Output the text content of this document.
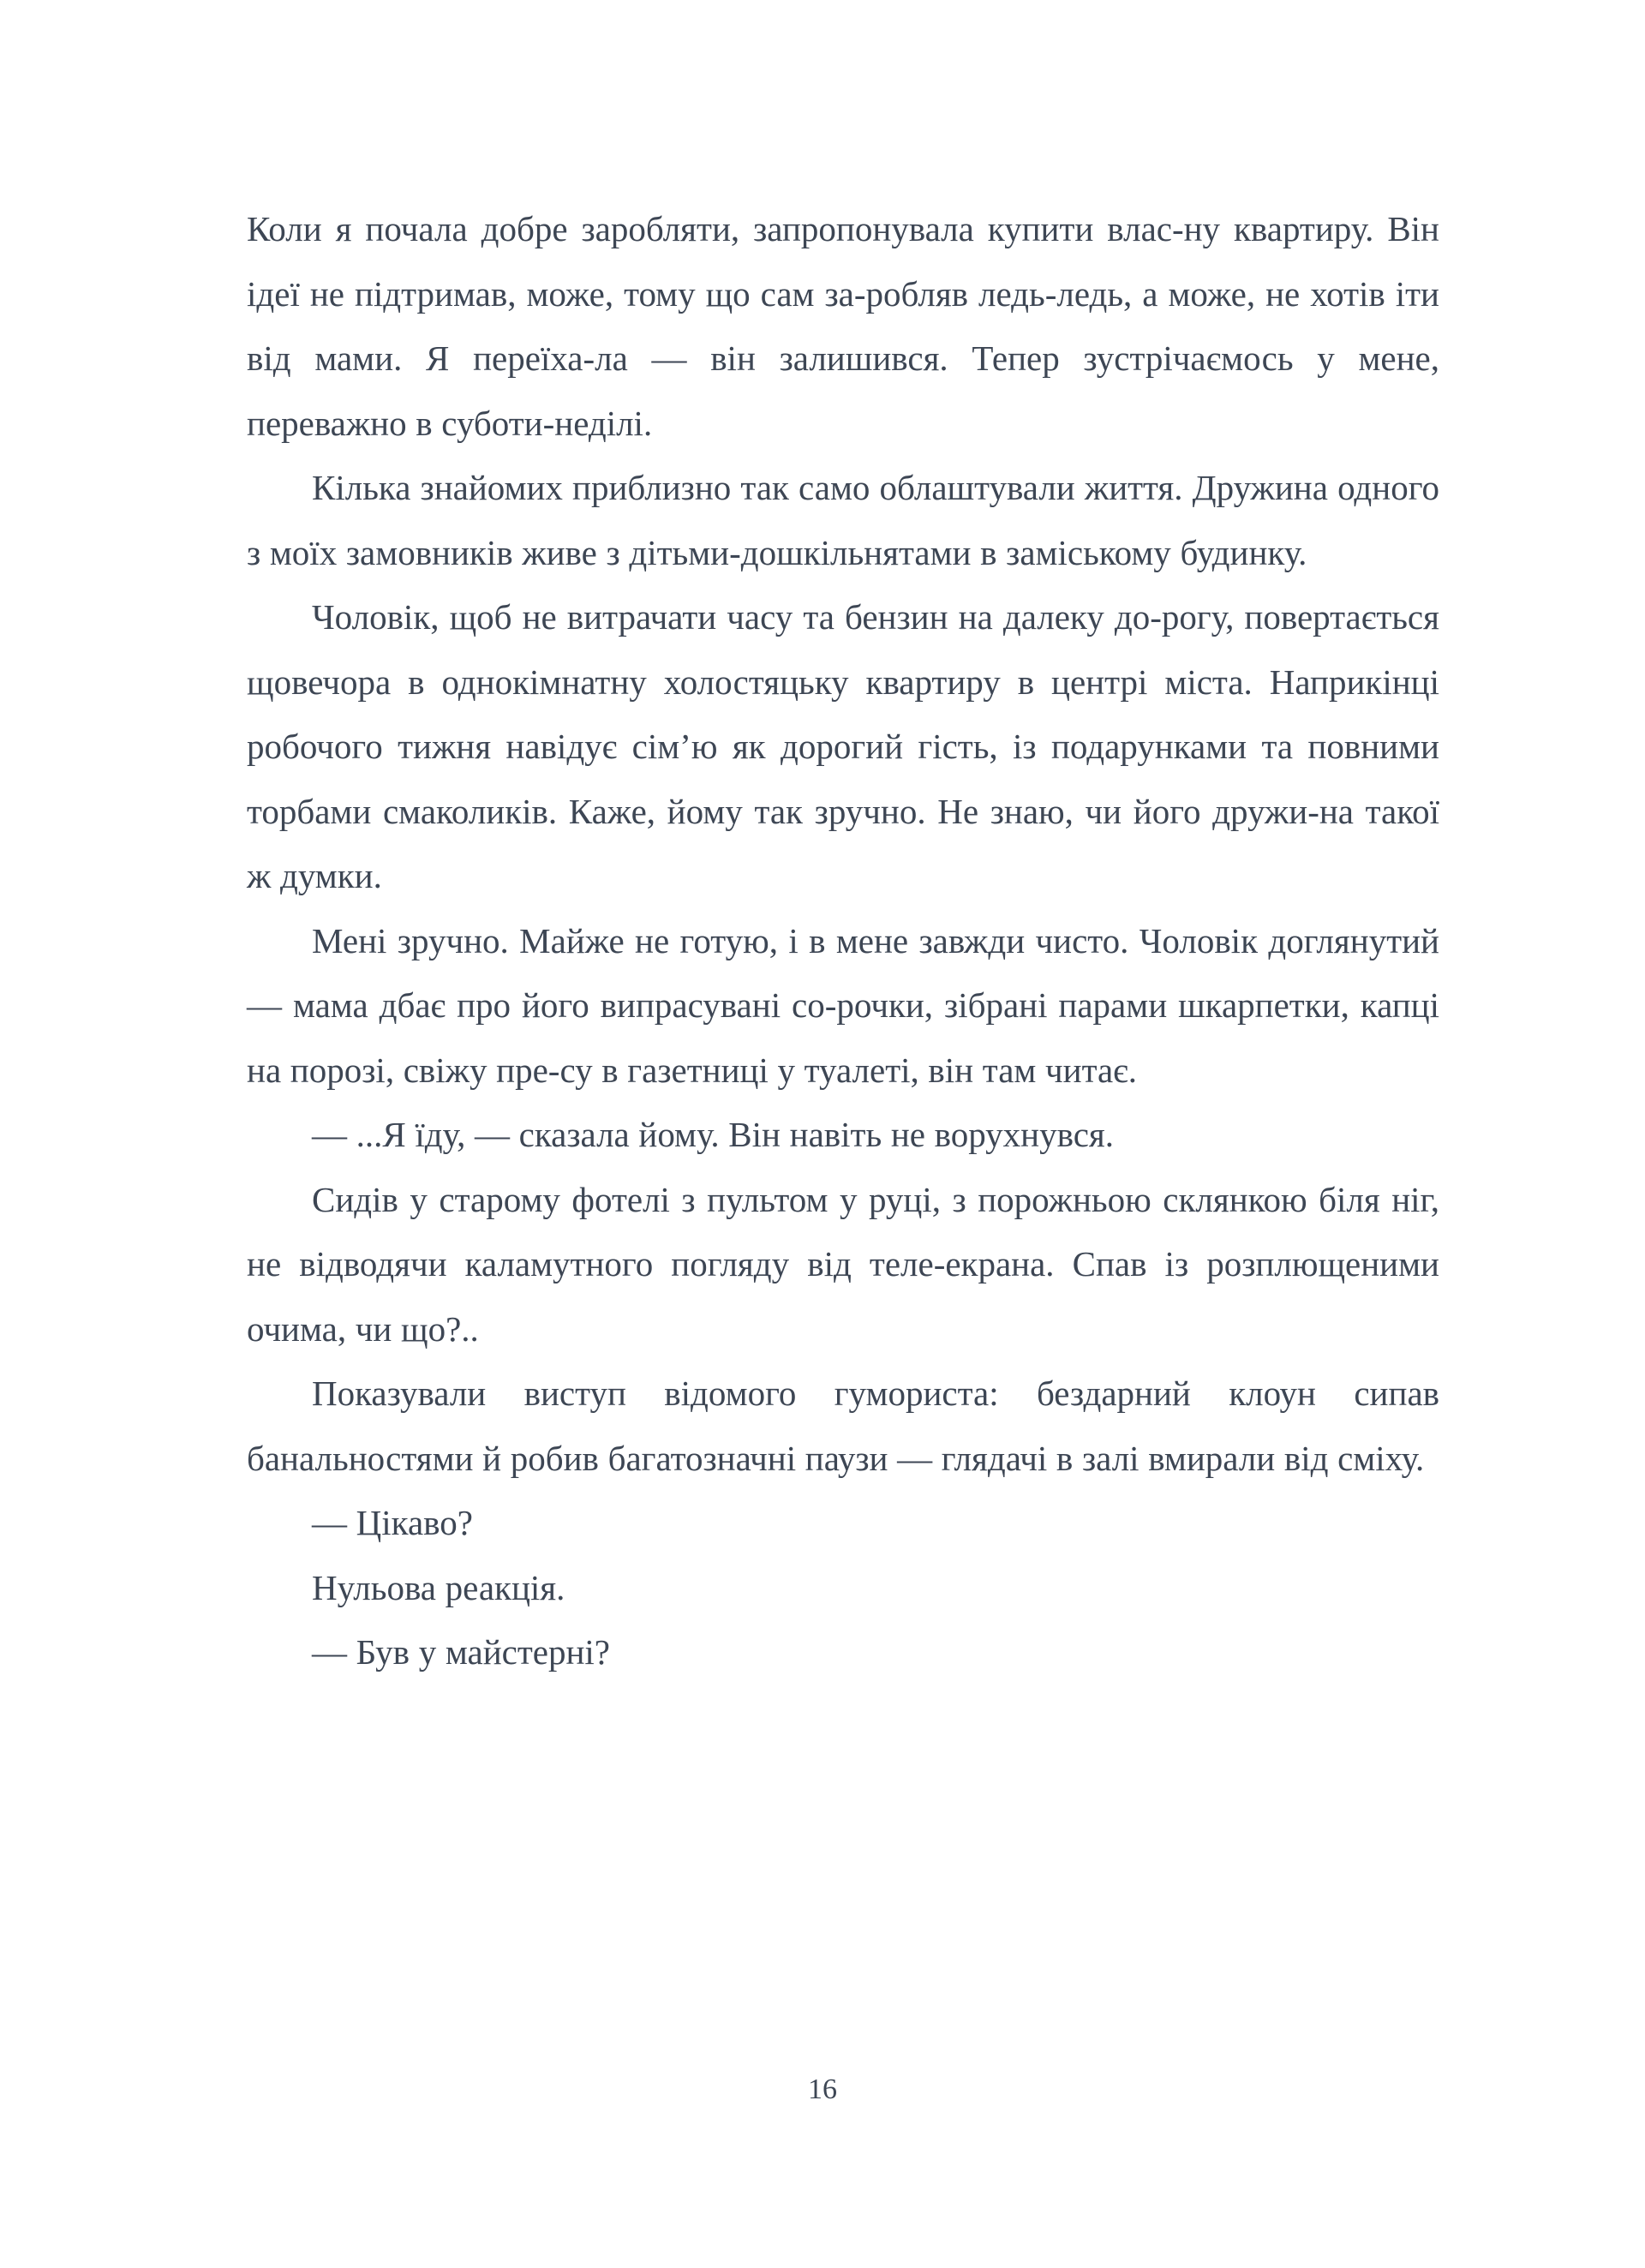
Коли я почала добре заробляти, запропонувала купити влас-ну квартиру. Він ідеї не підтримав, може, тому що сам за-робляв ледь-ледь, а може, не хотів іти від мами. Я переїха-ла — він залишився. Тепер зустрічаємось у мене, переважно в суботи-неділі.

Кілька знайомих приблизно так само облаштували життя. Дружина одного з моїх замовників живе з дітьми-дошкільнятами в заміському будинку.

Чоловік, щоб не витрачати часу та бензин на далеку до-рогу, повертається щовечора в однокімнатну холостяцьку квартиру в центрі міста. Наприкінці робочого тижня навідує сім’ю як дорогий гість, із подарунками та повними торбами смаколиків. Каже, йому так зручно. Не знаю, чи його дружи-на такої ж думки.

Мені зручно. Майже не готую, і в мене завжди чисто. Чоловік доглянутий — мама дбає про його випрасувані со-рочки, зібрані парами шкарпетки, капці на порозі, свіжу пре-су в газетниці у туалеті, він там читає.

— ...Я їду, — сказала йому. Він навіть не ворухнувся.

Сидів у старому фотелі з пультом у руці, з порожньою склянкою біля ніг, не відводячи каламутного погляду від теле-екрана. Спав із розплющеними очима, чи що?..

Показували виступ відомого гумориста: бездарний клоун сипав банальностями й робив багатозначні паузи — глядачі в залі вмирали від сміху.

— Цікаво?

Нульова реакція.

— Був у майстерні?

16
